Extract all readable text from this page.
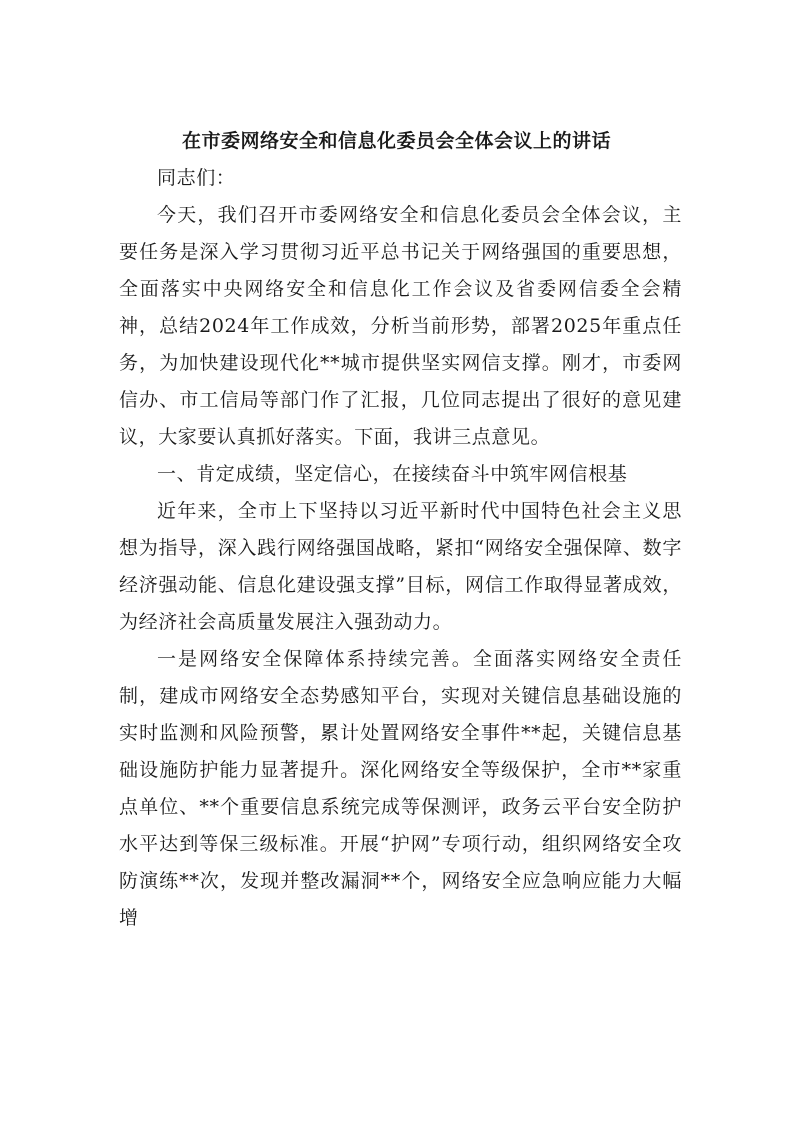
在市委网络安全和信息化委员会全体会议上的讲话

同志们：

今天，我们召开市委网络安全和信息化委员会全体会议，主要任务是深入学习贯彻习近平总书记关于网络强国的重要思想，全面落实中央网络安全和信息化工作会议及省委网信委全会精神，总结2024年工作成效，分析当前形势，部署2025年重点任务，为加快建设现代化**城市提供坚实网信支撑。刚才，市委网信办、市工信局等部门作了汇报，几位同志提出了很好的意见建议，大家要认真抓好落实。下面，我讲三点意见。

一、肯定成绩，坚定信心，在接续奋斗中筑牢网信根基

近年来，全市上下坚持以习近平新时代中国特色社会主义思想为指导，深入践行网络强国战略，紧扣“网络安全强保障、数字经济强动能、信息化建设强支撑”目标，网信工作取得显著成效，为经济社会高质量发展注入强劲动力。

一是网络安全保障体系持续完善。全面落实网络安全责任制，建成市网络安全态势感知平台，实现对关键信息基础设施的实时监测和风险预警，累计处置网络安全事件**起，关键信息基础设施防护能力显著提升。深化网络安全等级保护，全市**家重点单位、**个重要信息系统完成等保测评，政务云平台安全防护水平达到等保三级标准。开展“护网”专项行动，组织网络安全攻防演练**次，发现并整改漏洞**个，网络安全应急响应能力大幅增
